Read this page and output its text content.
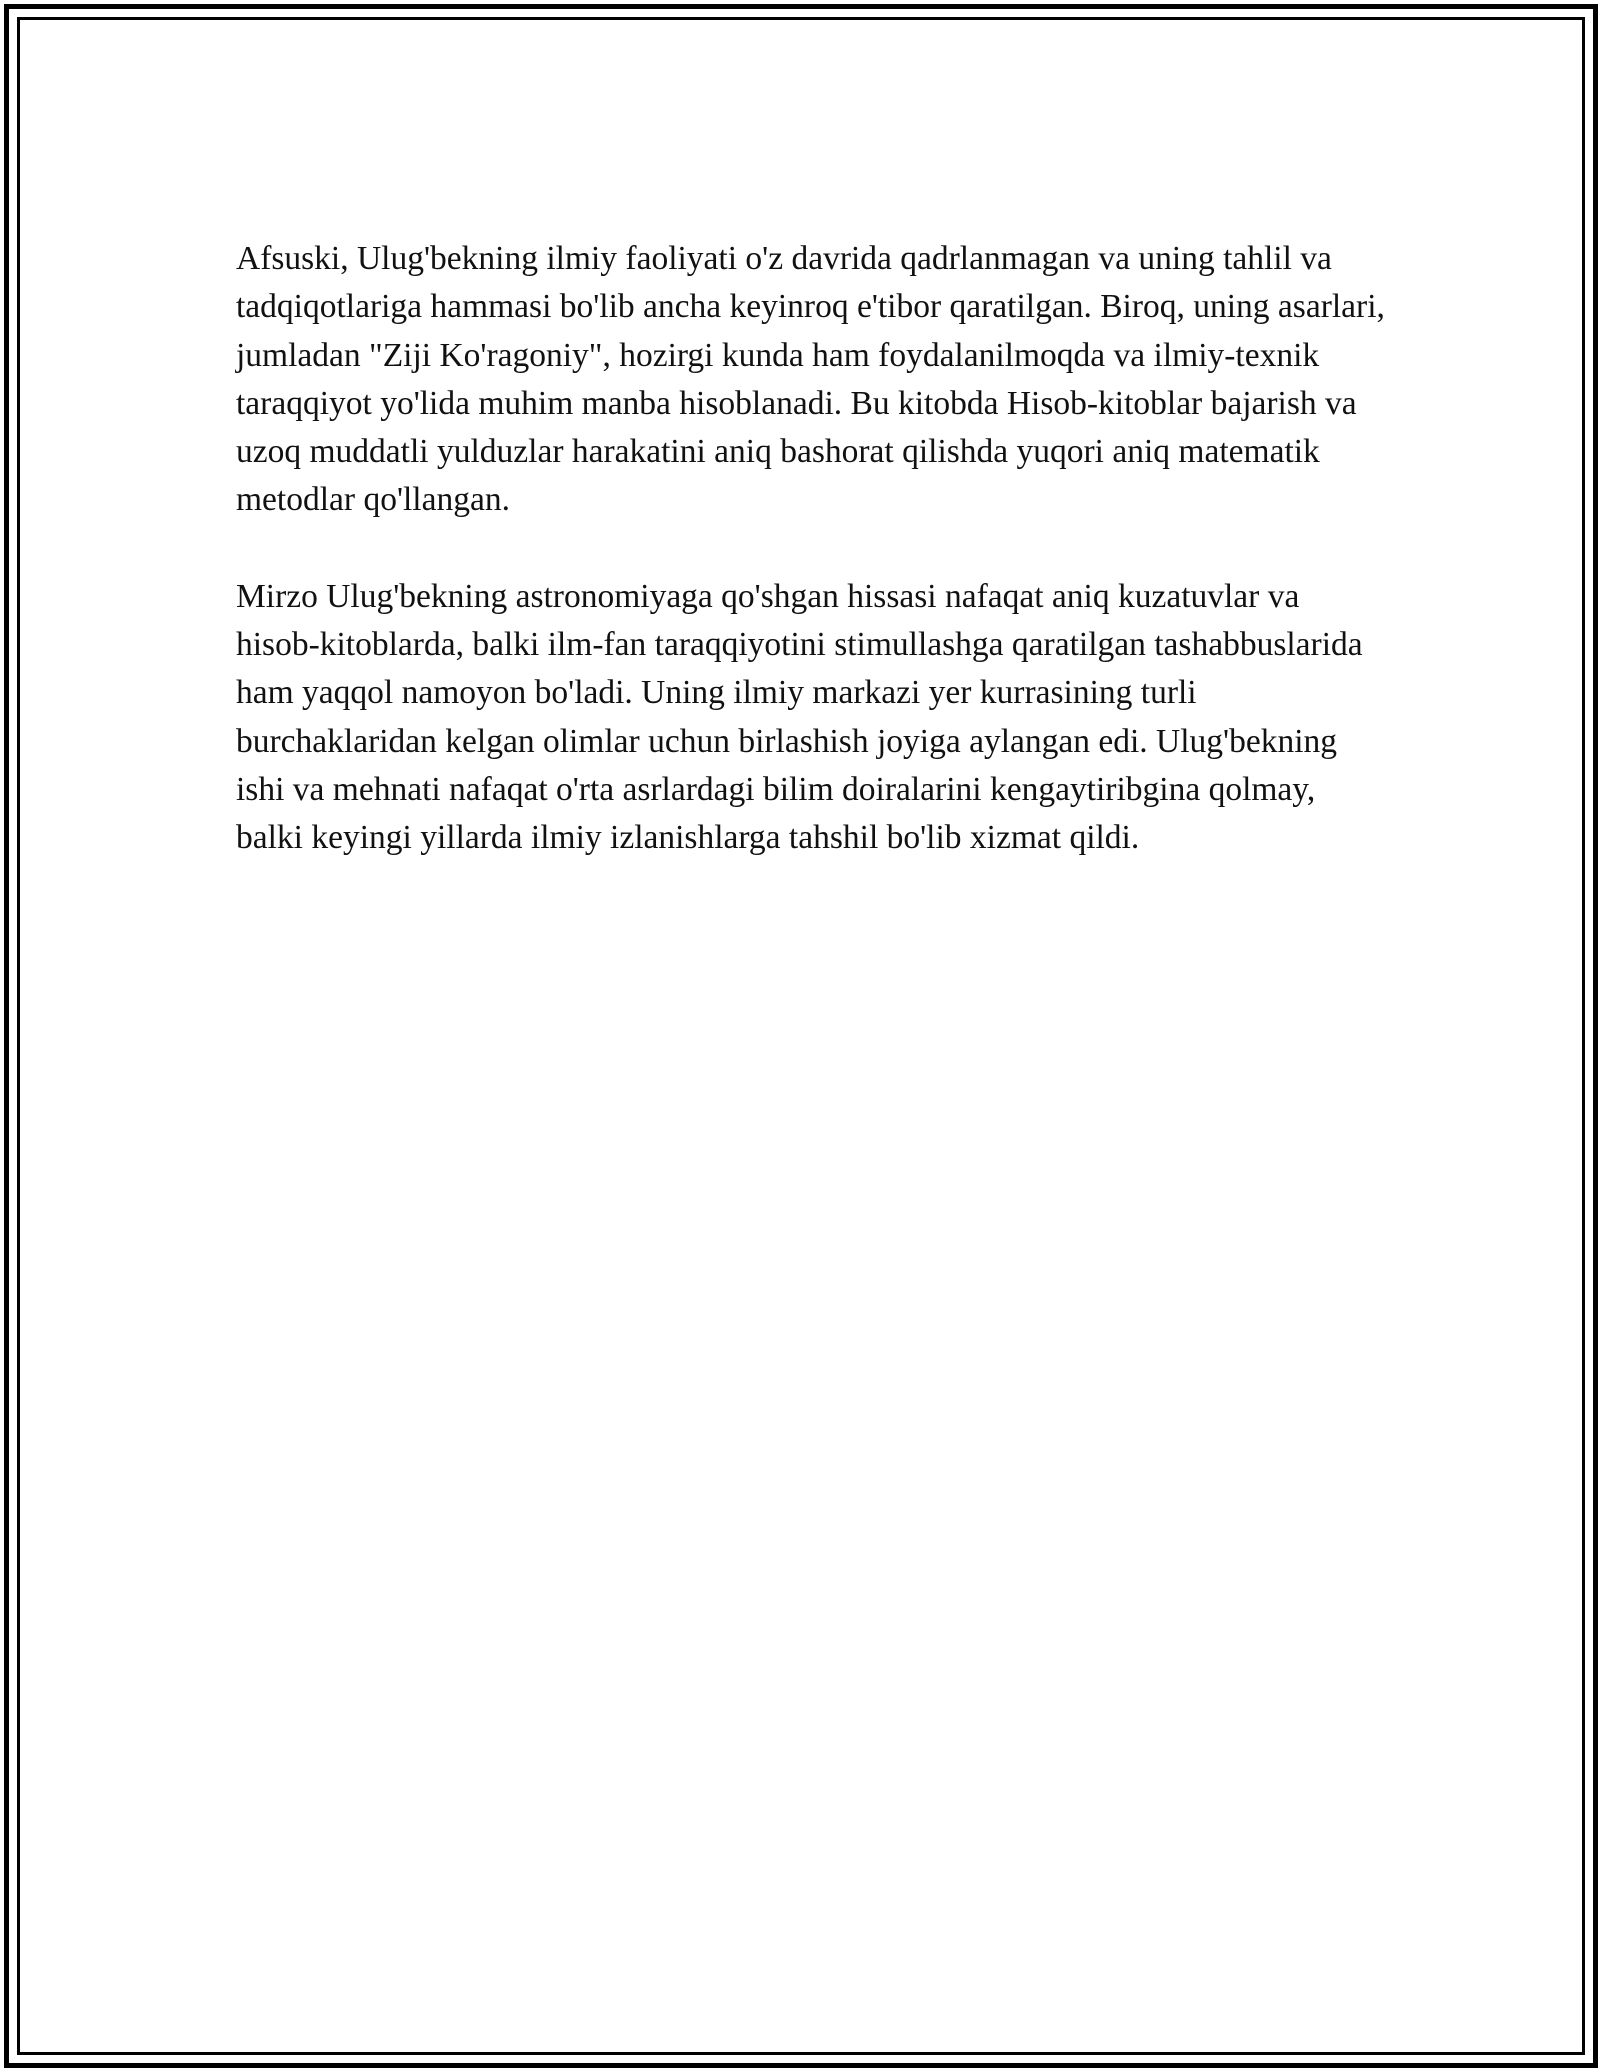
Afsuski, Ulug'bekning ilmiy faoliyati o'z davrida qadrlanmagan va uning tahlil va tadqiqotlariga hammasi bo'lib ancha keyinroq e'tibor qaratilgan. Biroq, uning asarlari, jumladan "Ziji Ko'ragoniy", hozirgi kunda ham foydalanilmoqda va ilmiy-texnik taraqqiyot yo'lida muhim manba hisoblanadi. Bu kitobda Hisob-kitoblar bajarish va uzoq muddatli yulduzlar harakatini aniq bashorat qilishda yuqori aniq matematik metodlar qo'llangan.

Mirzo Ulug'bekning astronomiyaga qo'shgan hissasi nafaqat aniq kuzatuvlar va hisob-kitoblarda, balki ilm-fan taraqqiyotini stimullashga qaratilgan tashabbuslarida ham yaqqol namoyon bo'ladi. Uning ilmiy markazi yer kurrasining turli burchaklaridan kelgan olimlar uchun birlashish joyiga aylangan edi. Ulug'bekning ishi va mehnati nafaqat o'rta asrlardagi bilim doiralarini kengaytiribgina qolmay, balki keyingi yillarda ilmiy izlanishlarga tahshil bo'lib xizmat qildi.
